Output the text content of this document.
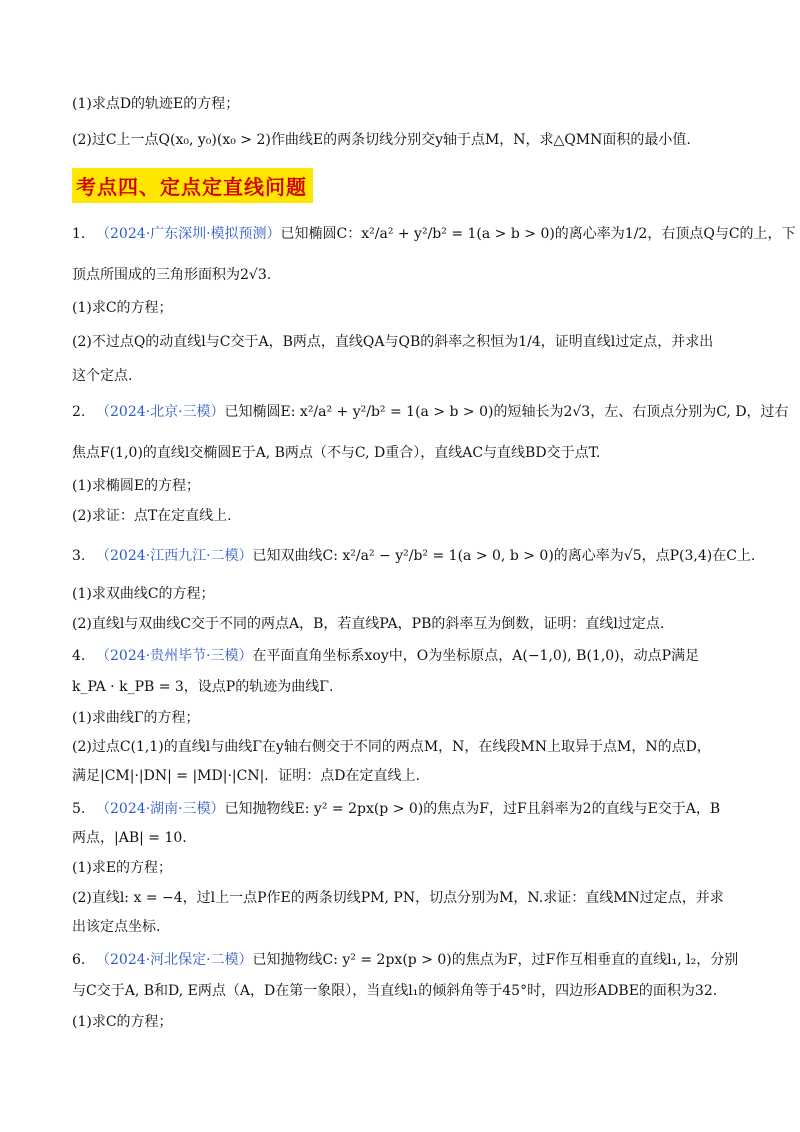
(1)求点D的轨迹E的方程；
(2)过C上一点Q(x₀, y₀)(x₀ > 2)作曲线E的两条切线分别交y轴于点M，N，求△QMN面积的最小值.
考点四、定点定直线问题
1. （2024·广东深圳·模拟预测）已知椭圆C：x²/a² + y²/b² = 1(a > b > 0)的离心率为1/2，右顶点Q与C的上，下
顶点所围成的三角形面积为2√3.
(1)求C的方程；
(2)不过点Q的动直线l与C交于A，B两点，直线QA与QB的斜率之积恒为1/4，证明直线l过定点，并求出
这个定点.
2. （2024·北京·三模）已知椭圆E: x²/a² + y²/b² = 1(a > b > 0)的短轴长为2√3，左、右顶点分别为C, D，过右
焦点F(1,0)的直线l交椭圆E于A, B两点（不与C, D重合），直线AC与直线BD交于点T.
(1)求椭圆E的方程；
(2)求证：点T在定直线上.
3. （2024·江西九江·二模）已知双曲线C: x²/a² − y²/b² = 1(a > 0, b > 0)的离心率为√5，点P(3,4)在C上.
(1)求双曲线C的方程；
(2)直线l与双曲线C交于不同的两点A，B，若直线PA，PB的斜率互为倒数，证明：直线l过定点.
4. （2024·贵州毕节·三模）在平面直角坐标系xoy中，O为坐标原点，A(−1,0), B(1,0)，动点P满足
k_PA · k_PB = 3，设点P的轨迹为曲线Γ.
(1)求曲线Γ的方程；
(2)过点C(1,1)的直线l与曲线Γ在y轴右侧交于不同的两点M，N，在线段MN上取异于点M，N的点D，
满足|CM|·|DN| = |MD|·|CN|．证明：点D在定直线上.
5. （2024·湖南·三模）已知抛物线E: y² = 2px(p > 0)的焦点为F，过F且斜率为2的直线与E交于A，B
两点，|AB| = 10.
(1)求E的方程；
(2)直线l: x = −4，过l上一点P作E的两条切线PM, PN，切点分别为M，N.求证：直线MN过定点，并求
出该定点坐标.
6. （2024·河北保定·二模）已知抛物线C: y² = 2px(p > 0)的焦点为F，过F作互相垂直的直线l₁, l₂，分别
与C交于A, B和D, E两点（A，D在第一象限），当直线l₁的倾斜角等于45°时，四边形ADBE的面积为32.
(1)求C的方程；
